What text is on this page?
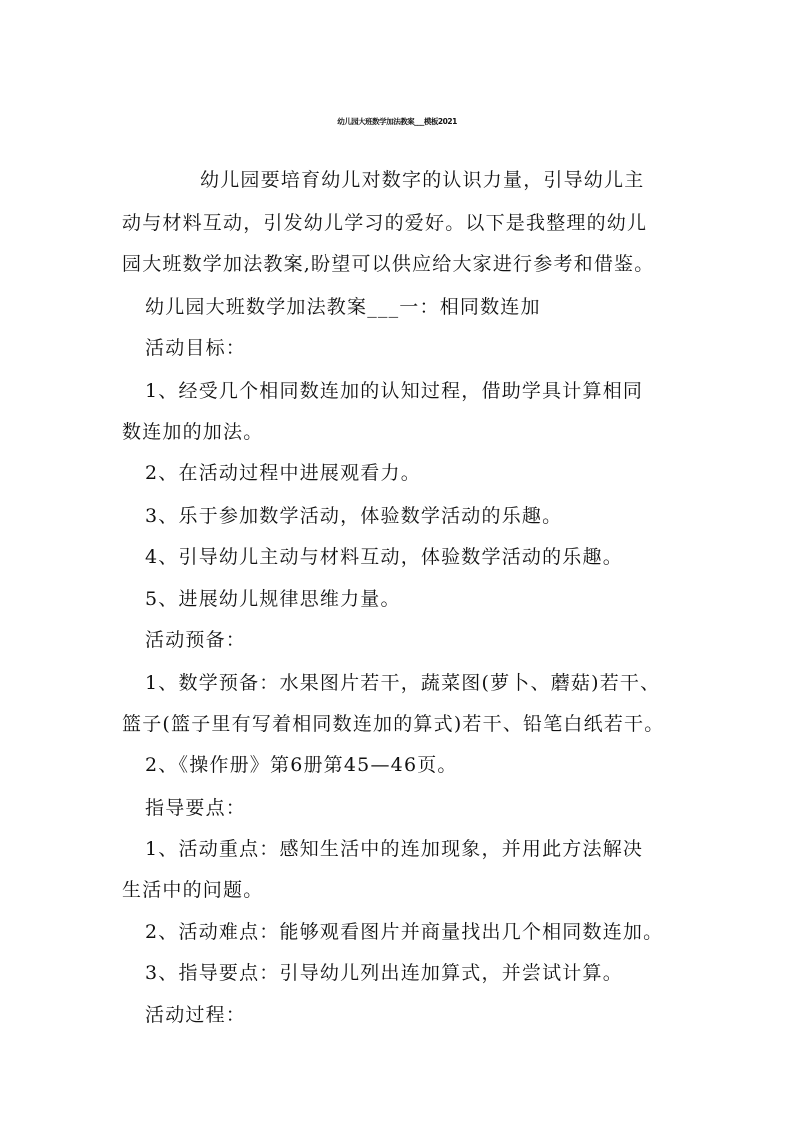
幼儿园大班数学加法教案___模板2021
幼儿园要培育幼儿对数字的认识力量，引导幼儿主
动与材料互动，引发幼儿学习的爱好。以下是我整理的幼儿
园大班数学加法教案,盼望可以供应给大家进行参考和借鉴。
幼儿园大班数学加法教案___一：相同数连加
活动目标：
1、经受几个相同数连加的认知过程，借助学具计算相同
数连加的加法。
2、在活动过程中进展观看力。
3、乐于参加数学活动，体验数学活动的乐趣。
4、引导幼儿主动与材料互动，体验数学活动的乐趣。
5、进展幼儿规律思维力量。
活动预备：
1、数学预备：水果图片若干，蔬菜图(萝卜、蘑菇)若干、
篮子(篮子里有写着相同数连加的算式)若干、铅笔白纸若干。
2、《操作册》第6册第45—46页。
指导要点：
1、活动重点：感知生活中的连加现象，并用此方法解决
生活中的问题。
2、活动难点：能够观看图片并商量找出几个相同数连加。
3、指导要点：引导幼儿列出连加算式，并尝试计算。
活动过程：
